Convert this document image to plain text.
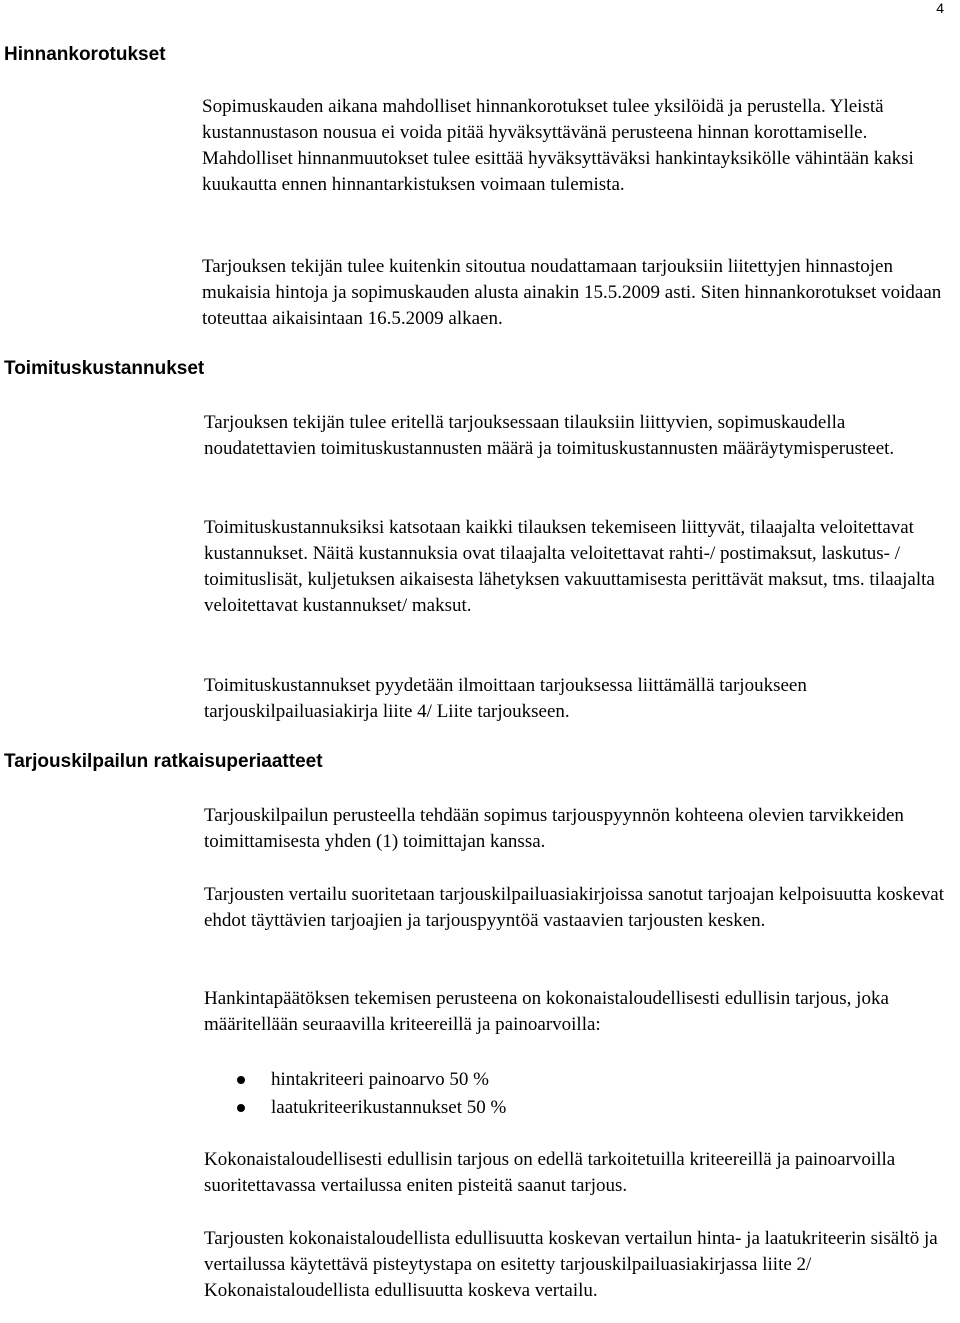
4
Hinnankorotukset

Sopimuskauden aikana mahdolliset hinnankorotukset tulee yksilöidä ja perustella. Yleistä kustannustason nousua ei voida pitää hyväksyttävänä perusteena hinnan korottamiselle. Mahdolliset hinnanmuutokset tulee esittää hyväksyttäväksi hankintayksikölle vähintään kaksi kuukautta ennen hinnantarkistuksen voimaan tulemista.

Tarjouksen tekijän tulee kuitenkin sitoutua noudattamaan tarjouksiin liitettyjen hinnastojen mukaisia hintoja ja sopimuskauden alusta ainakin 15.5.2009 asti. Siten hinnankorotukset voidaan toteuttaa aikaisintaan 16.5.2009 alkaen.

Toimituskustannukset

Tarjouksen tekijän tulee eritellä tarjouksessaan tilauksiin liittyvien, sopimuskaudella noudatettavien toimituskustannusten määrä ja toimituskustannusten määräytymisperusteet.

Toimituskustannuksiksi katsotaan kaikki tilauksen tekemiseen liittyvät, tilaajalta veloitettavat kustannukset. Näitä kustannuksia ovat tilaajalta veloitettavat rahti-/ postimaksut, laskutus- / toimituslisät, kuljetuksen aikaisesta lähetyksen vakuuttamisesta perittävät maksut, tms. tilaajalta veloitettavat kustannukset/ maksut.

Toimituskustannukset pyydetään ilmoittaan tarjouksessa liittämällä tarjoukseen tarjouskilpailuasiakirja liite 4/ Liite tarjoukseen.

Tarjouskilpailun ratkaisuperiaatteet

Tarjouskilpailun perusteella tehdään sopimus tarjouspyynnön kohteena olevien tarvikkeiden toimittamisesta yhden (1) toimittajan kanssa.

Tarjousten vertailu suoritetaan tarjouskilpailuasiakirjoissa sanotut tarjoajan kelpoisuutta koskevat ehdot täyttävien tarjoajien ja tarjouspyyntöä vastaavien tarjousten kesken.

Hankintapäätöksen tekemisen perusteena on kokonaistaloudellisesti edullisin tarjous, joka määritellään seuraavilla kriteereillä ja painoarvoilla:

hintakriteeri painoarvo 50 %
laatukriteerikustannukset 50 %

Kokonaistaloudellisesti edullisin tarjous on edellä tarkoitetuilla kriteereillä ja painoarvoilla suoritettavassa vertailussa eniten pisteitä saanut tarjous.

Tarjousten kokonaistaloudellista edullisuutta koskevan vertailun hinta- ja laatukriteerin sisältö ja vertailussa käytettävä pisteytystapa on esitetty tarjouskilpailuasiakirjassa liite 2/ Kokonaistaloudellista edullisuutta koskeva vertailu.
